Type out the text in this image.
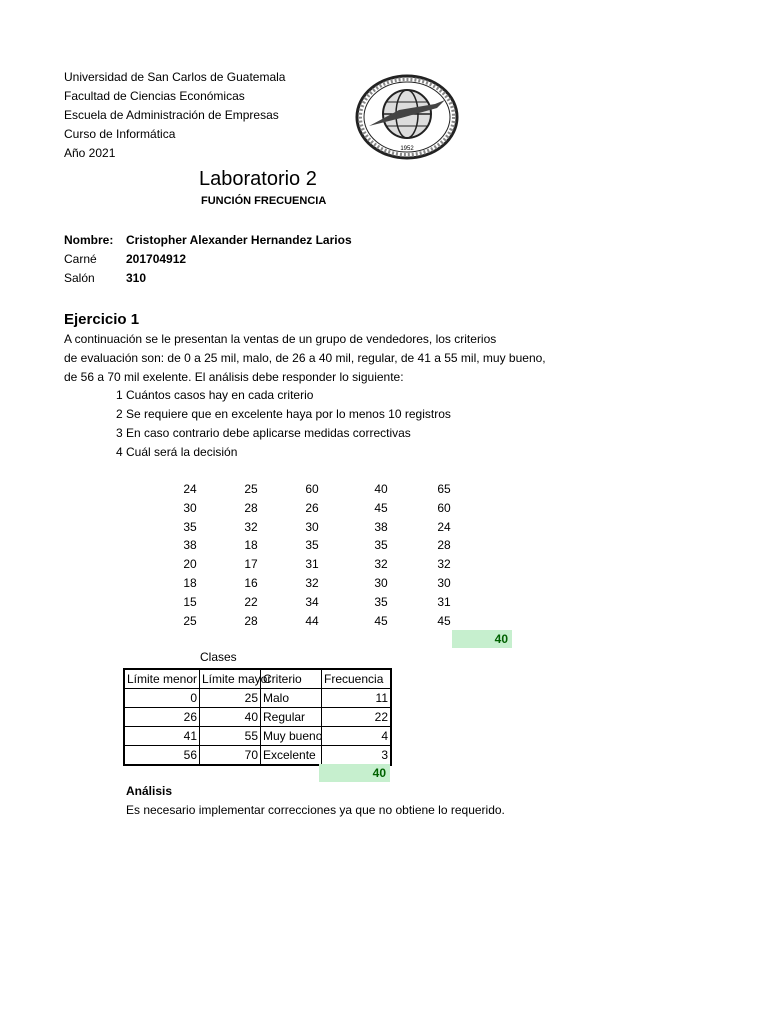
Universidad de San Carlos de Guatemala
Facultad de Ciencias Económicas
Escuela de Administración de Empresas
Curso de Informática
Año 2021	1952
Laboratorio 2
FUNCIÓN FRECUENCIA
Nombre: Cristopher Alexander Hernandez Larios
Carné 201704912
Salón	310
Ejercicio 1
A continuación se le presentan la ventas de un grupo de vendedores, los criterios
de evaluación son: de 0 a 25 mil, malo, de 26 a 40 mil, regular, de 41 a 55 mil, muy bueno,
de 56 a 70 mil exelente. El análisis debe responder lo siguiente:
1 Cuántos casos hay en cada criterio
2 Se requiere que en excelente haya por lo menos 10 registros
3 En caso contrario debe aplicarse medidas correctivas
4 Cuál será la decisión
24	25	60	40	65
30	28	26	45	60
35	32	30	38	24
38	18	35	35	28
20	17	31	32	32
18	16	32	30	30
15	22	34	35	31
25	28	44	45	45
40
Clases
Límite menor	Límite mayor	Criterio	Frecuencia
0	25	Malo	11
26	40	Regular	22
41	55	Muy bueno	4
56	70	Excelente	3
40
Análisis
Es necesario implementar correcciones ya que no obtiene lo requerido.
